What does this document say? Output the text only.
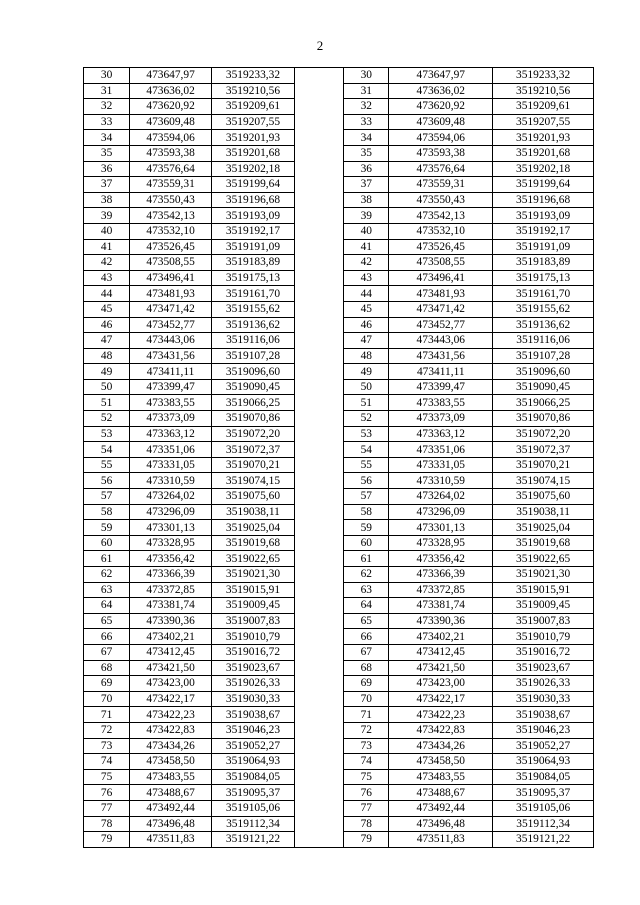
2
30	473647,97	3519233,32		30	473647,97	3519233,32
31	473636,02	3519210,56		31	473636,02	3519210,56
32	473620,92	3519209,61		32	473620,92	3519209,61
33	473609,48	3519207,55		33	473609,48	3519207,55
34	473594,06	3519201,93		34	473594,06	3519201,93
35	473593,38	3519201,68		35	473593,38	3519201,68
36	473576,64	3519202,18		36	473576,64	3519202,18
37	473559,31	3519199,64		37	473559,31	3519199,64
38	473550,43	3519196,68		38	473550,43	3519196,68
39	473542,13	3519193,09		39	473542,13	3519193,09
40	473532,10	3519192,17		40	473532,10	3519192,17
41	473526,45	3519191,09		41	473526,45	3519191,09
42	473508,55	3519183,89		42	473508,55	3519183,89
43	473496,41	3519175,13		43	473496,41	3519175,13
44	473481,93	3519161,70		44	473481,93	3519161,70
45	473471,42	3519155,62		45	473471,42	3519155,62
46	473452,77	3519136,62		46	473452,77	3519136,62
47	473443,06	3519116,06		47	473443,06	3519116,06
48	473431,56	3519107,28		48	473431,56	3519107,28
49	473411,11	3519096,60		49	473411,11	3519096,60
50	473399,47	3519090,45		50	473399,47	3519090,45
51	473383,55	3519066,25		51	473383,55	3519066,25
52	473373,09	3519070,86		52	473373,09	3519070,86
53	473363,12	3519072,20		53	473363,12	3519072,20
54	473351,06	3519072,37		54	473351,06	3519072,37
55	473331,05	3519070,21		55	473331,05	3519070,21
56	473310,59	3519074,15		56	473310,59	3519074,15
57	473264,02	3519075,60		57	473264,02	3519075,60
58	473296,09	3519038,11		58	473296,09	3519038,11
59	473301,13	3519025,04		59	473301,13	3519025,04
60	473328,95	3519019,68		60	473328,95	3519019,68
61	473356,42	3519022,65		61	473356,42	3519022,65
62	473366,39	3519021,30		62	473366,39	3519021,30
63	473372,85	3519015,91		63	473372,85	3519015,91
64	473381,74	3519009,45		64	473381,74	3519009,45
65	473390,36	3519007,83		65	473390,36	3519007,83
66	473402,21	3519010,79		66	473402,21	3519010,79
67	473412,45	3519016,72		67	473412,45	3519016,72
68	473421,50	3519023,67		68	473421,50	3519023,67
69	473423,00	3519026,33		69	473423,00	3519026,33
70	473422,17	3519030,33		70	473422,17	3519030,33
71	473422,23	3519038,67		71	473422,23	3519038,67
72	473422,83	3519046,23		72	473422,83	3519046,23
73	473434,26	3519052,27		73	473434,26	3519052,27
74	473458,50	3519064,93		74	473458,50	3519064,93
75	473483,55	3519084,05		75	473483,55	3519084,05
76	473488,67	3519095,37		76	473488,67	3519095,37
77	473492,44	3519105,06		77	473492,44	3519105,06
78	473496,48	3519112,34		78	473496,48	3519112,34
79	473511,83	3519121,22		79	473511,83	3519121,22
